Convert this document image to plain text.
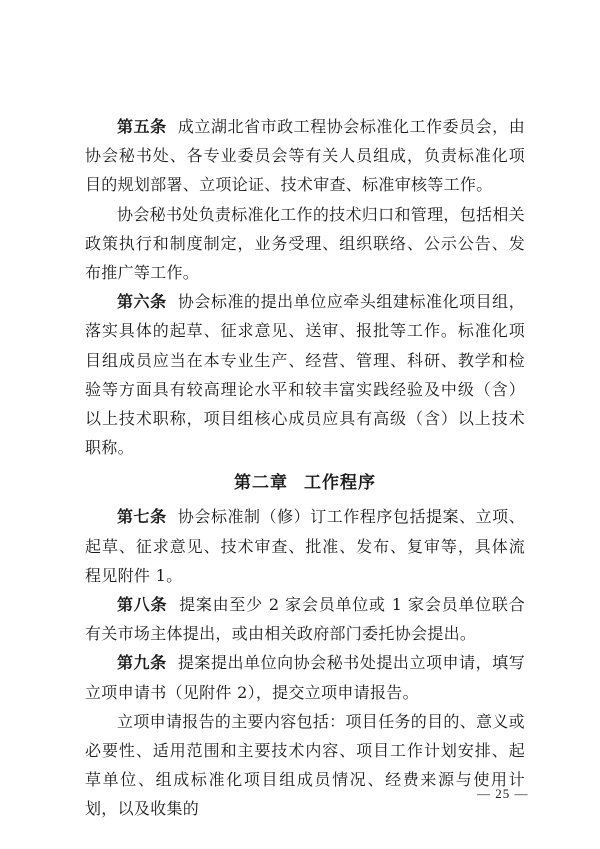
第五条 成立湖北省市政工程协会标准化工作委员会，由协会秘书处、各专业委员会等有关人员组成，负责标准化项目的规划部署、立项论证、技术审查、标准审核等工作。

协会秘书处负责标准化工作的技术归口和管理，包括相关政策执行和制度制定，业务受理、组织联络、公示公告、发布推广等工作。

第六条 协会标准的提出单位应牵头组建标准化项目组，落实具体的起草、征求意见、送审、报批等工作。标准化项目组成员应当在本专业生产、经营、管理、科研、教学和检验等方面具有较高理论水平和较丰富实践经验及中级（含）以上技术职称，项目组核心成员应具有高级（含）以上技术职称。

第二章 工作程序

第七条 协会标准制（修）订工作程序包括提案、立项、起草、征求意见、技术审查、批准、发布、复审等，具体流程见附件 1。

第八条 提案由至少 2 家会员单位或 1 家会员单位联合有关市场主体提出，或由相关政府部门委托协会提出。

第九条 提案提出单位向协会秘书处提出立项申请，填写立项申请书（见附件 2），提交立项申请报告。

立项申请报告的主要内容包括：项目任务的目的、意义或必要性、适用范围和主要技术内容、项目工作计划安排、起草单位、组成标准化项目组成员情况、经费来源与使用计划，以及收集的

— 25 —
